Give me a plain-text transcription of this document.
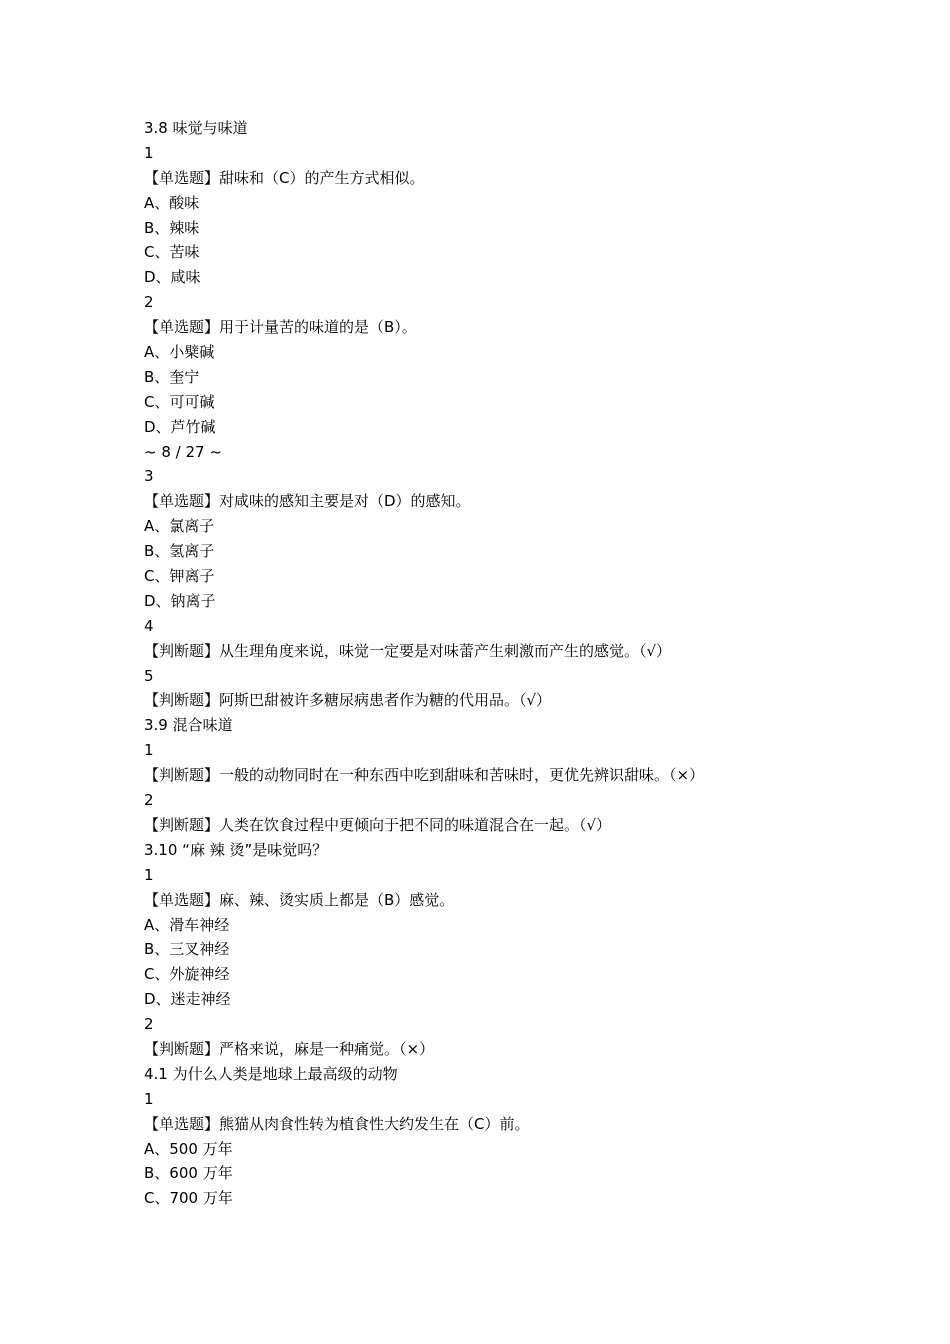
3.8 味觉与味道
1
【单选题】甜味和（C）的产生方式相似。
A、酸味
B、辣味
C、苦味
D、咸味
2
【单选题】用于计量苦的味道的是（B）。
A、小檗碱
B、奎宁
C、可可碱
D、芦竹碱
~ 8 / 27 ~
3
【单选题】对咸味的感知主要是对（D）的感知。
A、氯离子
B、氢离子
C、钾离子
D、钠离子
4
【判断题】从生理角度来说，味觉一定要是对味蕾产生刺激而产生的感觉。（√）
5
【判断题】阿斯巴甜被许多糖尿病患者作为糖的代用品。（√）
3.9 混合味道
1
【判断题】一般的动物同时在一种东西中吃到甜味和苦味时，更优先辨识甜味。（×）
2
【判断题】人类在饮食过程中更倾向于把不同的味道混合在一起。（√）
3.10 “麻 辣 烫”是味觉吗？
1
【单选题】麻、辣、烫实质上都是（B）感觉。
A、滑车神经
B、三叉神经
C、外旋神经
D、迷走神经
2
【判断题】严格来说，麻是一种痛觉。（×）
4.1 为什么人类是地球上最高级的动物
1
【单选题】熊猫从肉食性转为植食性大约发生在（C）前。
A、500 万年
B、600 万年
C、700 万年
